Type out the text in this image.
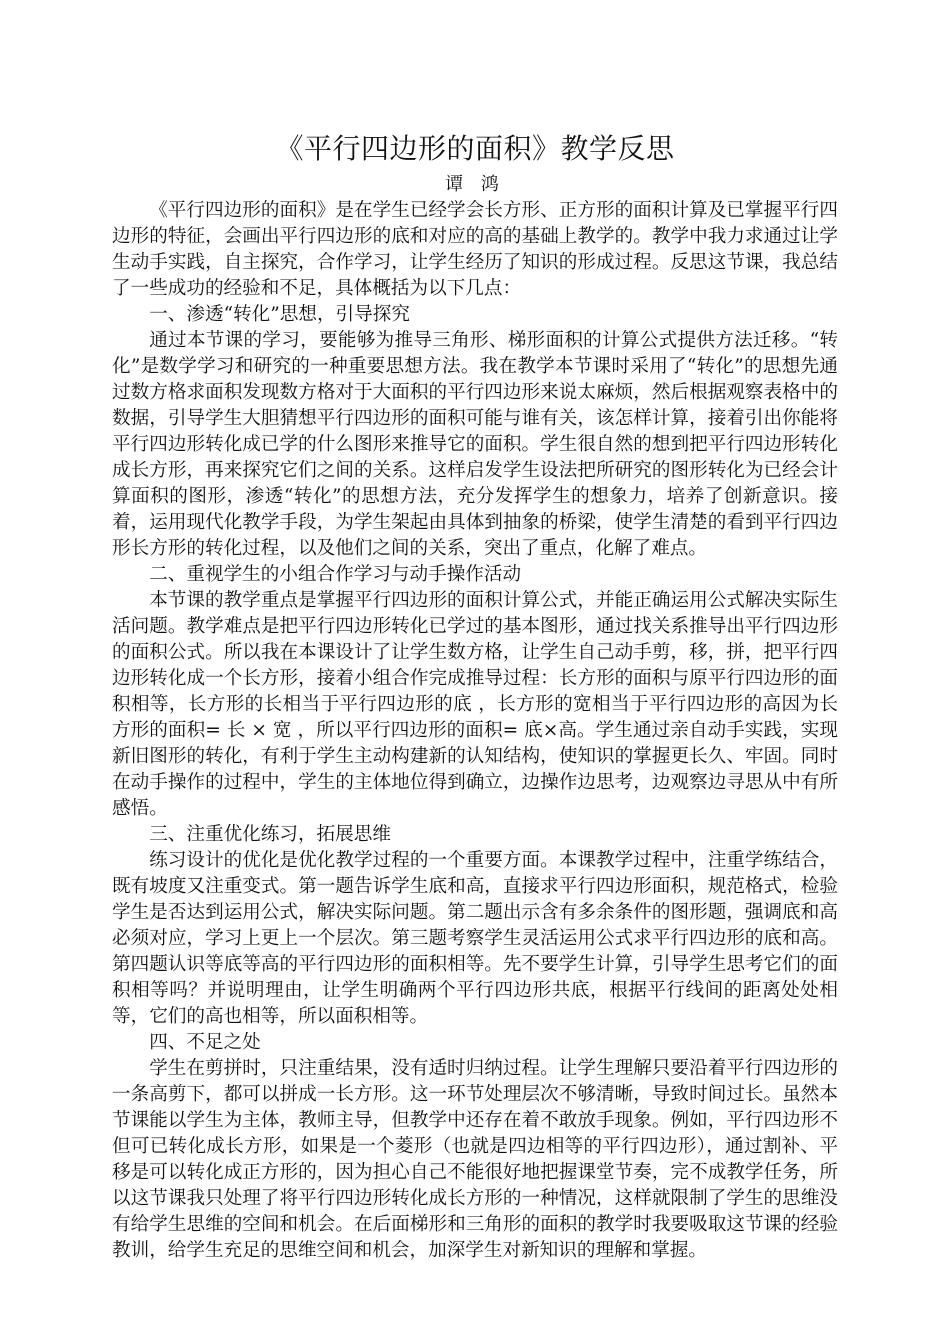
《平行四边形的面积》教学反思
谭 鸿

《平行四边形的面积》是在学生已经学会长方形、正方形的面积计算及已掌握平行四边形的特征，会画出平行四边形的底和对应的高的基础上教学的。教学中我力求通过让学生动手实践，自主探究，合作学习，让学生经历了知识的形成过程。反思这节课，我总结了一些成功的经验和不足，具体概括为以下几点：

一、渗透“转化”思想，引导探究

通过本节课的学习，要能够为推导三角形、梯形面积的计算公式提供方法迁移。“转化”是数学学习和研究的一种重要思想方法。我在教学本节课时采用了“转化”的思想先通过数方格求面积发现数方格对于大面积的平行四边形来说太麻烦，然后根据观察表格中的数据，引导学生大胆猜想平行四边形的面积可能与谁有关，该怎样计算，接着引出你能将平行四边形转化成已学的什么图形来推导它的面积。学生很自然的想到把平行四边形转化成长方形，再来探究它们之间的关系。这样启发学生设法把所研究的图形转化为已经会计算面积的图形，渗透“转化”的思想方法，充分发挥学生的想象力，培养了创新意识。接着，运用现代化教学手段，为学生架起由具体到抽象的桥梁，使学生清楚的看到平行四边形长方形的转化过程，以及他们之间的关系，突出了重点，化解了难点。

二、重视学生的小组合作学习与动手操作活动

本节课的教学重点是掌握平行四边形的面积计算公式，并能正确运用公式解决实际生活问题。教学难点是把平行四边形转化已学过的基本图形，通过找关系推导出平行四边形的面积公式。所以我在本课设计了让学生数方格，让学生自己动手剪，移，拼，把平行四边形转化成一个长方形，接着小组合作完成推导过程：长方形的面积与原平行四边形的面积相等，长方形的长相当于平行四边形的底 ，长方形的宽相当于平行四边形的高因为长方形的面积= 长 × 宽 ，所以平行四边形的面积= 底×高。学生通过亲自动手实践，实现新旧图形的转化，有利于学生主动构建新的认知结构，使知识的掌握更长久、牢固。同时在动手操作的过程中，学生的主体地位得到确立，边操作边思考，边观察边寻思从中有所感悟。

三、注重优化练习，拓展思维

练习设计的优化是优化教学过程的一个重要方面。本课教学过程中，注重学练结合，既有坡度又注重变式。第一题告诉学生底和高，直接求平行四边形面积，规范格式，检验学生是否达到运用公式，解决实际问题。第二题出示含有多余条件的图形题，强调底和高必须对应，学习上更上一个层次。第三题考察学生灵活运用公式求平行四边形的底和高。第四题认识等底等高的平行四边形的面积相等。先不要学生计算，引导学生思考它们的面积相等吗？并说明理由，让学生明确两个平行四边形共底，根据平行线间的距离处处相等，它们的高也相等，所以面积相等。

四、不足之处

学生在剪拼时，只注重结果，没有适时归纳过程。让学生理解只要沿着平行四边形的一条高剪下，都可以拼成一长方形。这一环节处理层次不够清晰，导致时间过长。虽然本节课能以学生为主体，教师主导，但教学中还存在着不敢放手现象。例如，平行四边形不但可已转化成长方形，如果是一个菱形（也就是四边相等的平行四边形），通过割补、平移是可以转化成正方形的，因为担心自己不能很好地把握课堂节奏，完不成教学任务，所以这节课我只处理了将平行四边形转化成长方形的一种情况，这样就限制了学生的思维没有给学生思维的空间和机会。在后面梯形和三角形的面积的教学时我要吸取这节课的经验教训，给学生充足的思维空间和机会，加深学生对新知识的理解和掌握。
